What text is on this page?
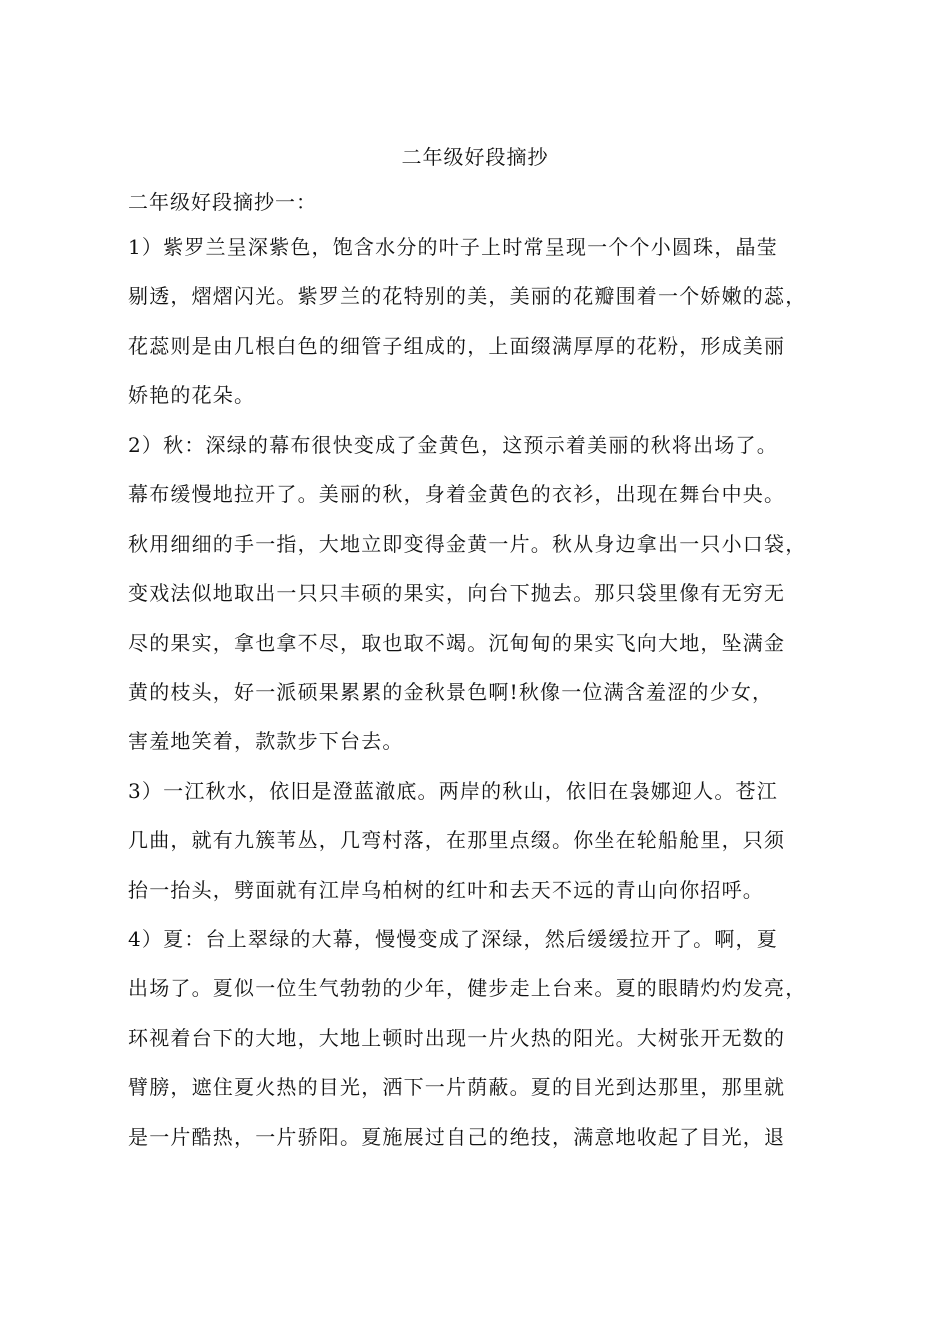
二年级好段摘抄
二年级好段摘抄一：
1）紫罗兰呈深紫色，饱含水分的叶子上时常呈现一个个小圆珠，晶莹
剔透，熠熠闪光。紫罗兰的花特别的美，美丽的花瓣围着一个娇嫩的蕊，
花蕊则是由几根白色的细管子组成的，上面缀满厚厚的花粉，形成美丽
娇艳的花朵。
2）秋：深绿的幕布很快变成了金黄色，这预示着美丽的秋将出场了。
幕布缓慢地拉开了。美丽的秋，身着金黄色的衣衫，出现在舞台中央。
秋用细细的手一指，大地立即变得金黄一片。秋从身边拿出一只小口袋，
变戏法似地取出一只只丰硕的果实，向台下抛去。那只袋里像有无穷无
尽的果实，拿也拿不尽，取也取不竭。沉甸甸的果实飞向大地，坠满金
黄的枝头，好一派硕果累累的金秋景色啊!秋像一位满含羞涩的少女，
害羞地笑着，款款步下台去。
3）一江秋水，依旧是澄蓝澈底。两岸的秋山，依旧在袅娜迎人。苍江
几曲，就有九簇苇丛，几弯村落，在那里点缀。你坐在轮船舱里，只须
抬一抬头，劈面就有江岸乌柏树的红叶和去天不远的青山向你招呼。
4）夏：台上翠绿的大幕，慢慢变成了深绿，然后缓缓拉开了。啊，夏
出场了。夏似一位生气勃勃的少年，健步走上台来。夏的眼睛灼灼发亮，
环视着台下的大地，大地上顿时出现一片火热的阳光。大树张开无数的
臂膀，遮住夏火热的目光，洒下一片荫蔽。夏的目光到达那里，那里就
是一片酷热，一片骄阳。夏施展过自己的绝技，满意地收起了目光，退
